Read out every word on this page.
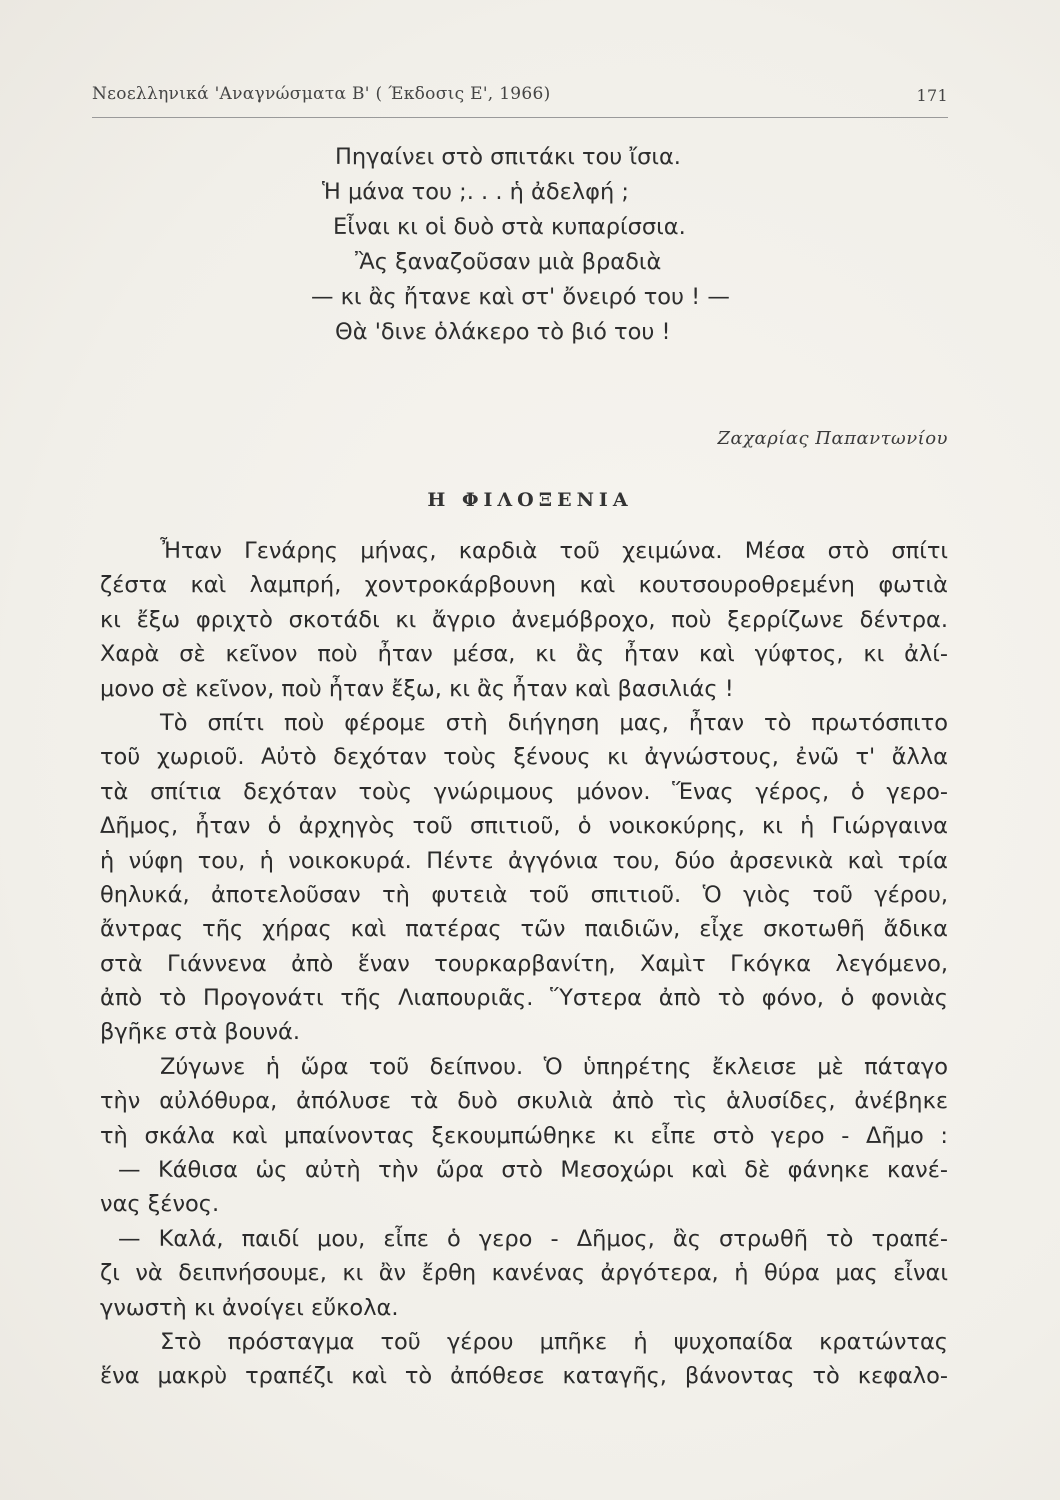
Νεοελληνικά 'Αναγνώσματα Β' ( Έκδοσις Ε', 1966)	171
Πηγαίνει στὸ σπιτάκι του ἴσια.
Ἡ μάνα του ;. . . ἡ ἀδελφή ;
Εἶναι κι οἱ δυὸ στὰ κυπαρίσσια.
Ἂς ξαναζοῦσαν μιὰ βραδιὰ
— κι ἂς ἤτανε καὶ στ' ὄνειρό του ! —
Θὰ 'δινε ὁλάκερο τὸ βιό του !
Ζαχαρίας Παπαντωνίου
Η ΦΙΛΟΞΕΝΙΑ
Ἦταν Γενάρης μήνας, καρδιὰ τοῦ χειμώνα. Μέσα στὸ σπίτι
ζέστα καὶ λαμπρή, χοντροκάρβουνη καὶ κουτσουροθρεμένη φωτιὰ
κι ἔξω φριχτὸ σκοτάδι κι ἄγριο ἀνεμόβροχο, ποὺ ξερρίζωνε δέντρα.
Χαρὰ σὲ κεῖνον ποὺ ἦταν μέσα, κι ἂς ἦταν καὶ γύφτος, κι ἀλί-
μονο σὲ κεῖνον, ποὺ ἦταν ἔξω, κι ἂς ἦταν καὶ βασιλιάς !
Τὸ σπίτι ποὺ φέρομε στὴ διήγηση μας, ἦταν τὸ πρωτόσπιτο
τοῦ χωριοῦ. Αὐτὸ δεχόταν τοὺς ξένους κι ἀγνώστους, ἐνῶ τ' ἄλλα
τὰ σπίτια δεχόταν τοὺς γνώριμους μόνον. Ἕνας γέρος, ὁ γερο-
Δῆμος, ἦταν ὁ ἀρχηγὸς τοῦ σπιτιοῦ, ὁ νοικοκύρης, κι ἡ Γιώργαινα
ἡ νύφη του, ἡ νοικοκυρά. Πέντε ἀγγόνια του, δύο ἀρσενικὰ καὶ τρία
θηλυκά, ἀποτελοῦσαν τὴ φυτειὰ τοῦ σπιτιοῦ. Ὁ γιὸς τοῦ γέρου,
ἄντρας τῆς χήρας καὶ πατέρας τῶν παιδιῶν, εἶχε σκοτωθῆ ἄδικα
στὰ Γιάννενα ἀπὸ ἕναν τουρκαρβανίτη, Χαμὶτ Γκόγκα λεγόμενο,
ἀπὸ τὸ Προγονάτι τῆς Λιαπουριᾶς. Ὕστερα ἀπὸ τὸ φόνο, ὁ φονιὰς
βγῆκε στὰ βουνά.
Ζύγωνε ἡ ὥρα τοῦ δείπνου. Ὁ ὑπηρέτης ἔκλεισε μὲ πάταγο
τὴν αὐλόθυρα, ἀπόλυσε τὰ δυὸ σκυλιὰ ἀπὸ τὶς ἁλυσίδες, ἀνέβηκε
τὴ σκάλα καὶ μπαίνοντας ξεκουμπώθηκε κι εἶπε στὸ γερο - Δῆμο :
— Κάθισα ὡς αὐτὴ τὴν ὥρα στὸ Μεσοχώρι καὶ δὲ φάνηκε κανέ-
νας ξένος.
— Καλά, παιδί μου, εἶπε ὁ γερο - Δῆμος, ἂς στρωθῆ τὸ τραπέ-
ζι νὰ δειπνήσουμε, κι ἂν ἔρθη κανένας ἀργότερα, ἡ θύρα μας εἶναι
γνωστὴ κι ἀνοίγει εὔκολα.
Στὸ πρόσταγμα τοῦ γέρου μπῆκε ἡ ψυχοπαίδα κρατώντας
ἕνα μακρὺ τραπέζι καὶ τὸ ἀπόθεσε καταγῆς, βάνοντας τὸ κεφαλο-
